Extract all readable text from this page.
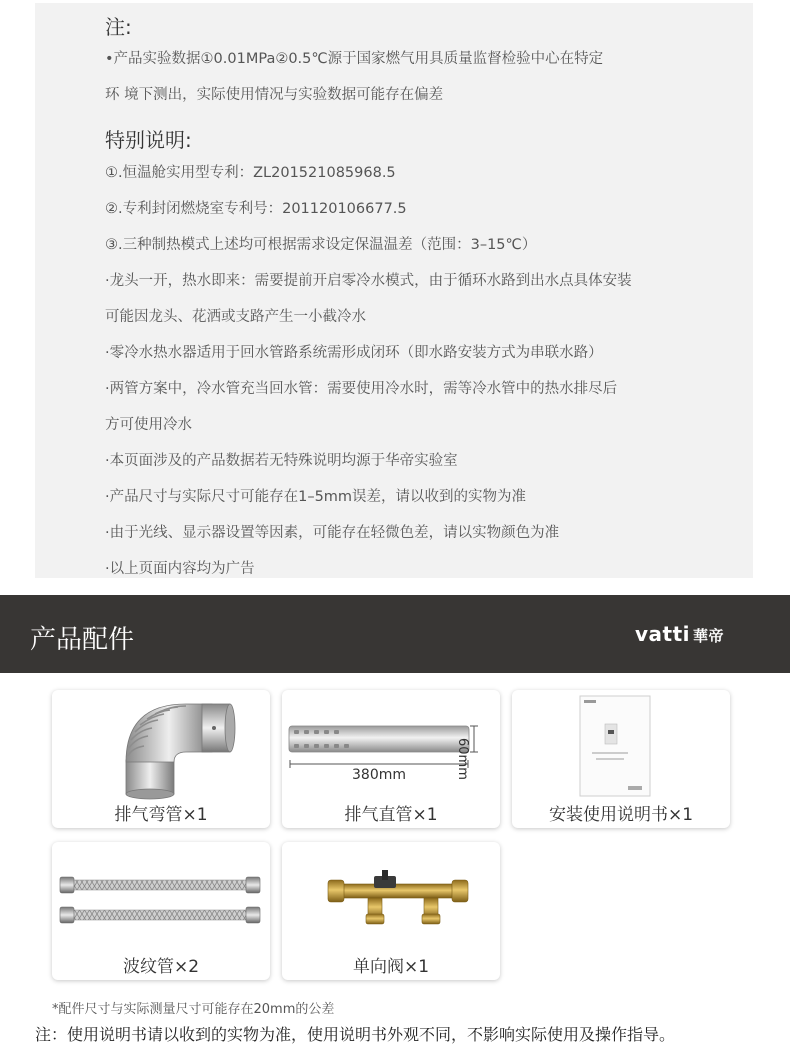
注:
•产品实验数据①0.01MPa②0.5℃源于国家燃气用具质量监督检验中心在特定
环 境下测出，实际使用情况与实验数据可能存在偏差
特别说明:
①.恒温舱实用型专利：ZL201521085968.5
②.专利封闭燃烧室专利号：201120106677.5
③.三种制热模式上述均可根据需求设定保温温差（范围：3–15℃）
·龙头一开，热水即来：需要提前开启零冷水模式，由于循环水路到出水点具体安装
可能因龙头、花洒或支路产生一小截冷水
·零冷水热水器适用于回水管路系统需形成闭环（即水路安装方式为串联水路）
·两管方案中，冷水管充当回水管：需要使用冷水时，需等冷水管中的热水排尽后
方可使用冷水
·本页面涉及的产品数据若无特殊说明均源于华帝实验室
·产品尺寸与实际尺寸可能存在1–5mm误差，请以收到的实物为准
·由于光线、显示器设置等因素，可能存在轻微色差，请以实物颜色为准
·以上页面内容均为广告
产品配件	vatti 華帝
排气弯管×1
380mm	60mm
排气直管×1	安装使用说明书×1
波纹管×2	单向阀×1
*配件尺寸与实际测量尺寸可能存在20mm的公差
注：使用说明书请以收到的实物为准，使用说明书外观不同，不影响实际使用及操作指导。
